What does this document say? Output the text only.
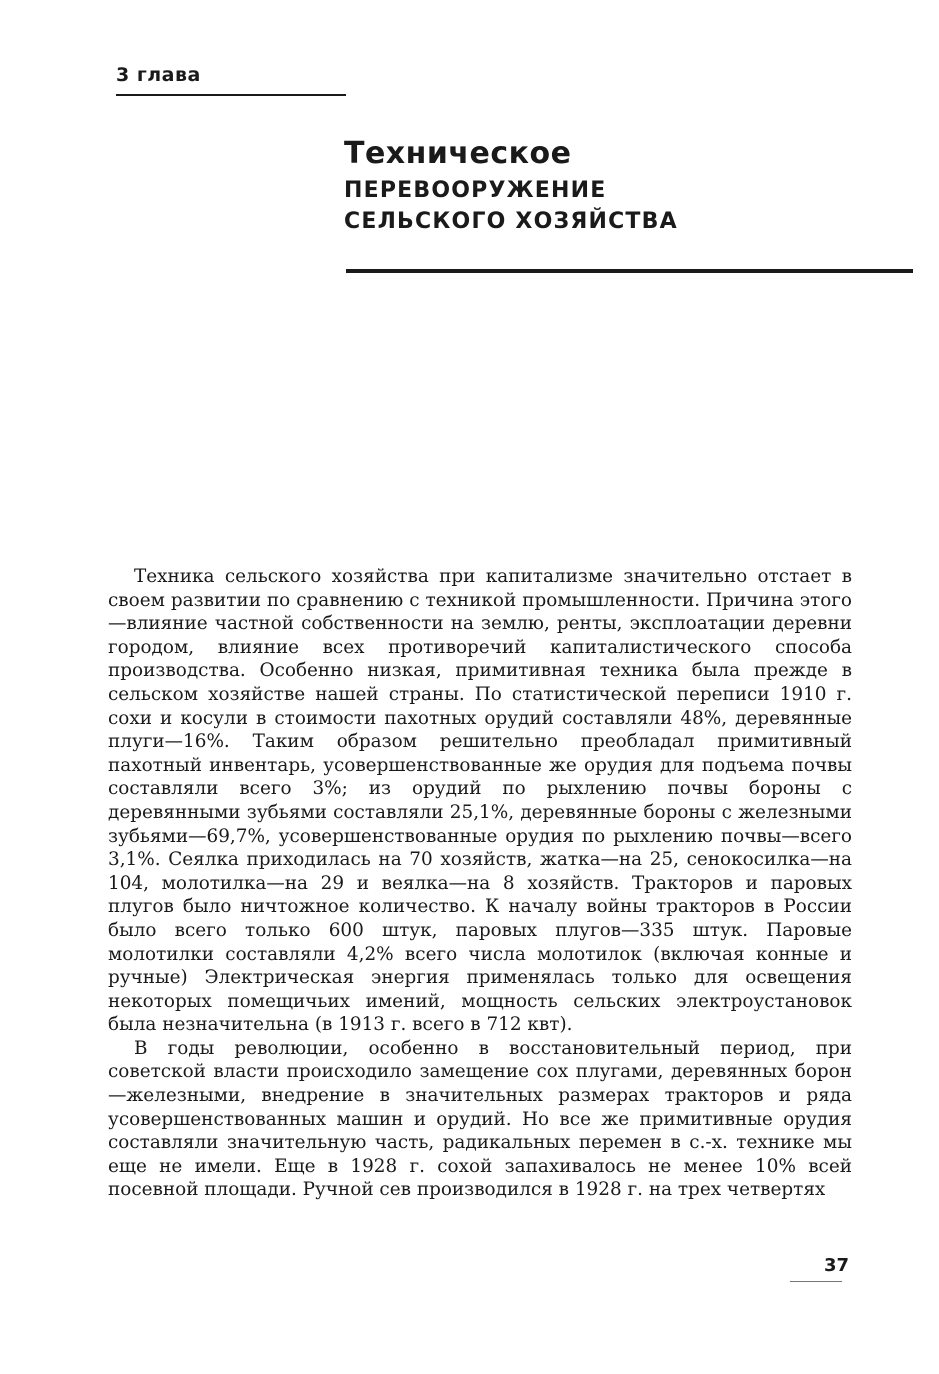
3 глава
Техническое
ПЕРЕВООРУЖЕНИЕ
СЕЛЬСКОГО ХОЗЯЙСТВА

Техника сельского хозяйства при капитализме значительно отстает в своем развитии по сравнению с техникой промышленности. Причина этого—влияние частной собственности на землю, ренты, эксплоатации деревни городом, влияние всех противоречий капиталистического способа производства. Особенно низкая, примитивная техника была прежде в сельском хозяйстве нашей страны. По статистической переписи 1910 г. сохи и косули в стоимости пахотных орудий составляли 48%, деревянные плуги—16%. Таким образом решительно преобладал примитивный пахотный инвентарь, усовершенствованные же орудия для подъема почвы составляли всего 3%; из орудий по рыхлению почвы бороны с деревянными зубьями составляли 25,1%, деревянные бороны с железными зубьями—69,7%, усовершенствованные орудия по рыхлению почвы—всего 3,1%. Сеялка приходилась на 70 хозяйств, жатка—на 25, сенокосилка—на 104, молотилка—на 29 и веялка—на 8 хозяйств. Тракторов и паровых плугов было ничтожное количество. К началу войны тракторов в России было всего только 600 штук, паровых плугов—335 штук. Паровые молотилки составляли 4,2% всего числа молотилок (включая конные и ручные) Электрическая энергия применялась только для освещения некоторых помещичьих имений, мощность сельских электроустановок была незначительна (в 1913 г. всего в 712 квт).

В годы революции, особенно в восстановительный период, при советской власти происходило замещение сох плугами, деревянных борон—железными, внедрение в значительных размерах тракторов и ряда усовершенствованных машин и орудий. Но все же примитивные орудия составляли значительную часть, радикальных перемен в с.-х. технике мы еще не имели. Еще в 1928 г. сохой запахивалось не менее 10% всей посевной площади. Ручной сев производился в 1928 г. на трех четвертях

37
